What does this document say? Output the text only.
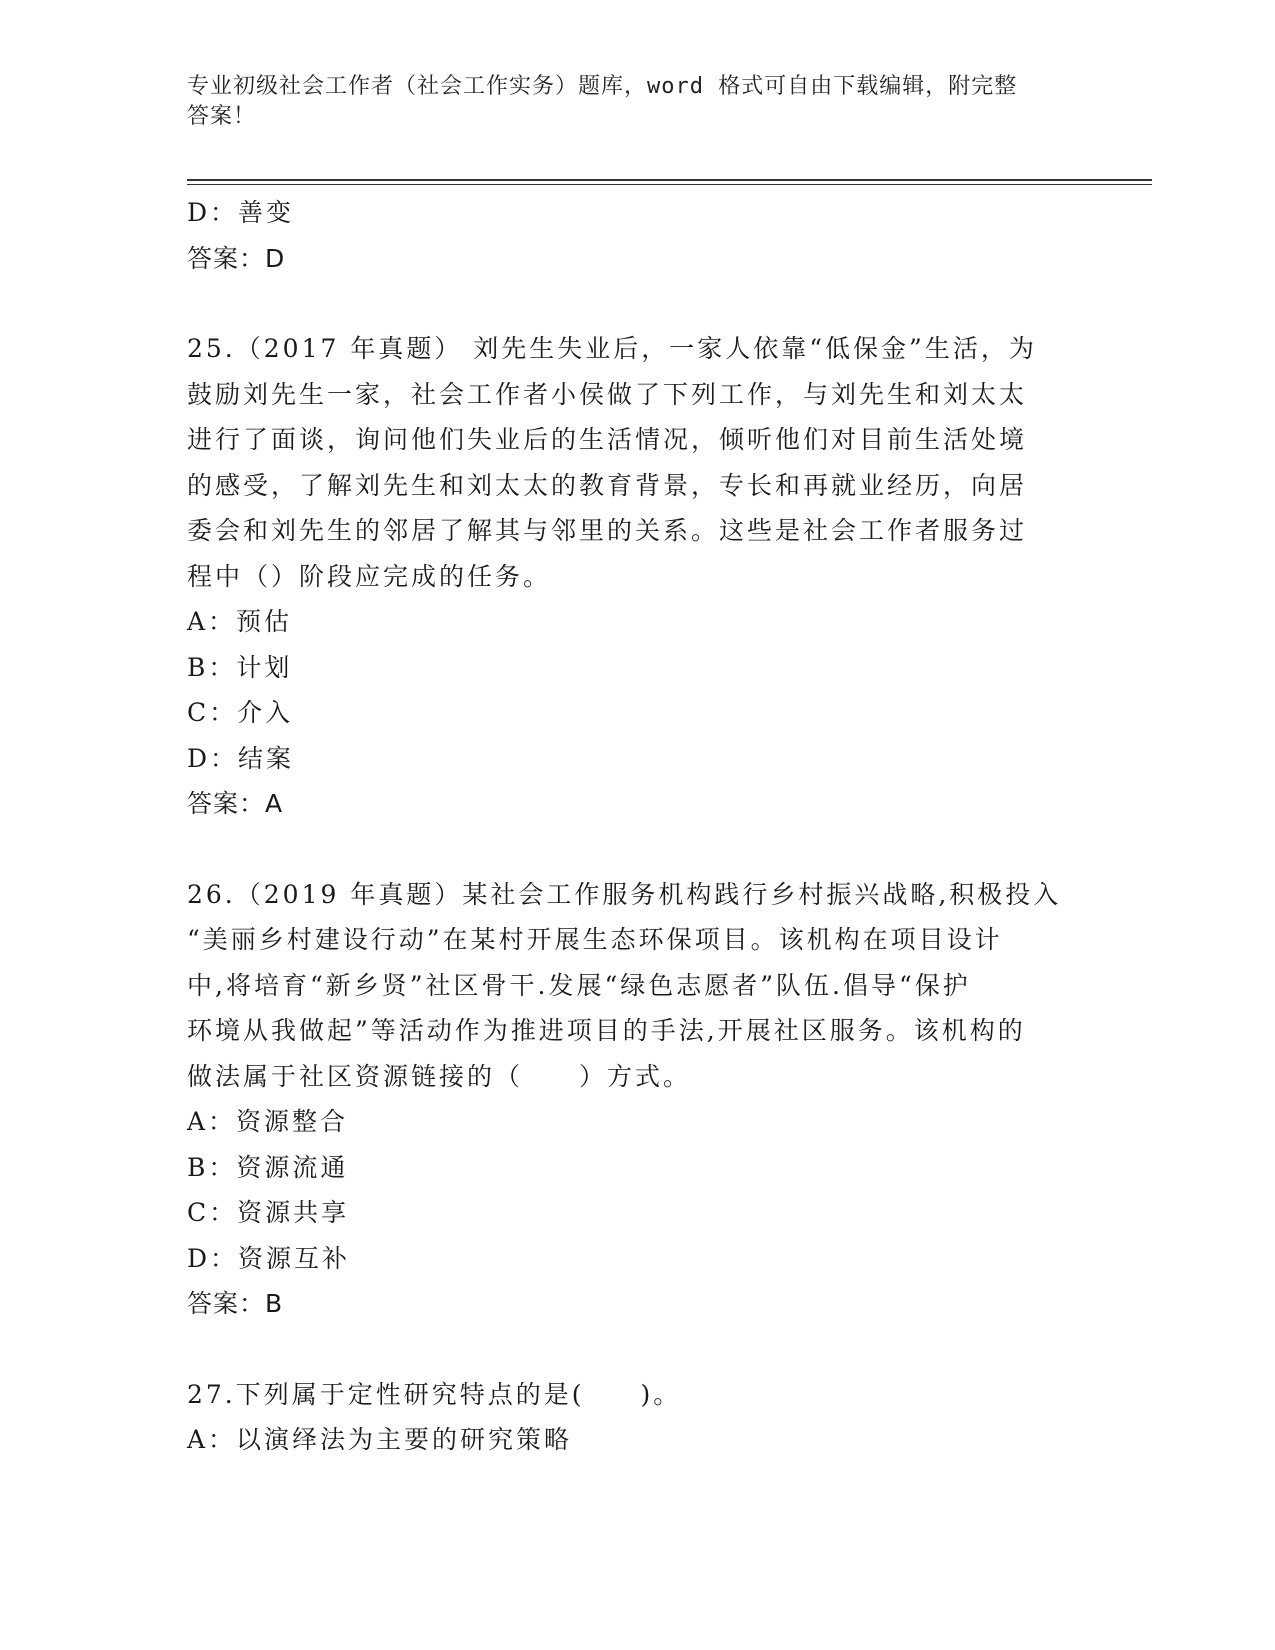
专业初级社会工作者（社会工作实务）题库，word 格式可自由下载编辑，附完整
答案！
D：善变
答案：D
25.（2017 年真题） 刘先生失业后，一家人依靠“低保金”生活，为
鼓励刘先生一家，社会工作者小侯做了下列工作，与刘先生和刘太太
进行了面谈，询问他们失业后的生活情况，倾听他们对目前生活处境
的感受，了解刘先生和刘太太的教育背景，专长和再就业经历，向居
委会和刘先生的邻居了解其与邻里的关系。这些是社会工作者服务过
程中（）阶段应完成的任务。
A：预估
B：计划
C：介入
D：结案
答案：A
26.（2019 年真题）某社会工作服务机构践行乡村振兴战略,积极投入
“美丽乡村建设行动”在某村开展生态环保项目。该机构在项目设计
中,将培育“新乡贤”社区骨干.发展“绿色志愿者”队伍.倡导“保护
环境从我做起”等活动作为推进项目的手法,开展社区服务。该机构的
做法属于社区资源链接的（　　）方式。
A：资源整合
B：资源流通
C：资源共享
D：资源互补
答案：B
27.下列属于定性研究特点的是(　　)。
A：以演绎法为主要的研究策略
